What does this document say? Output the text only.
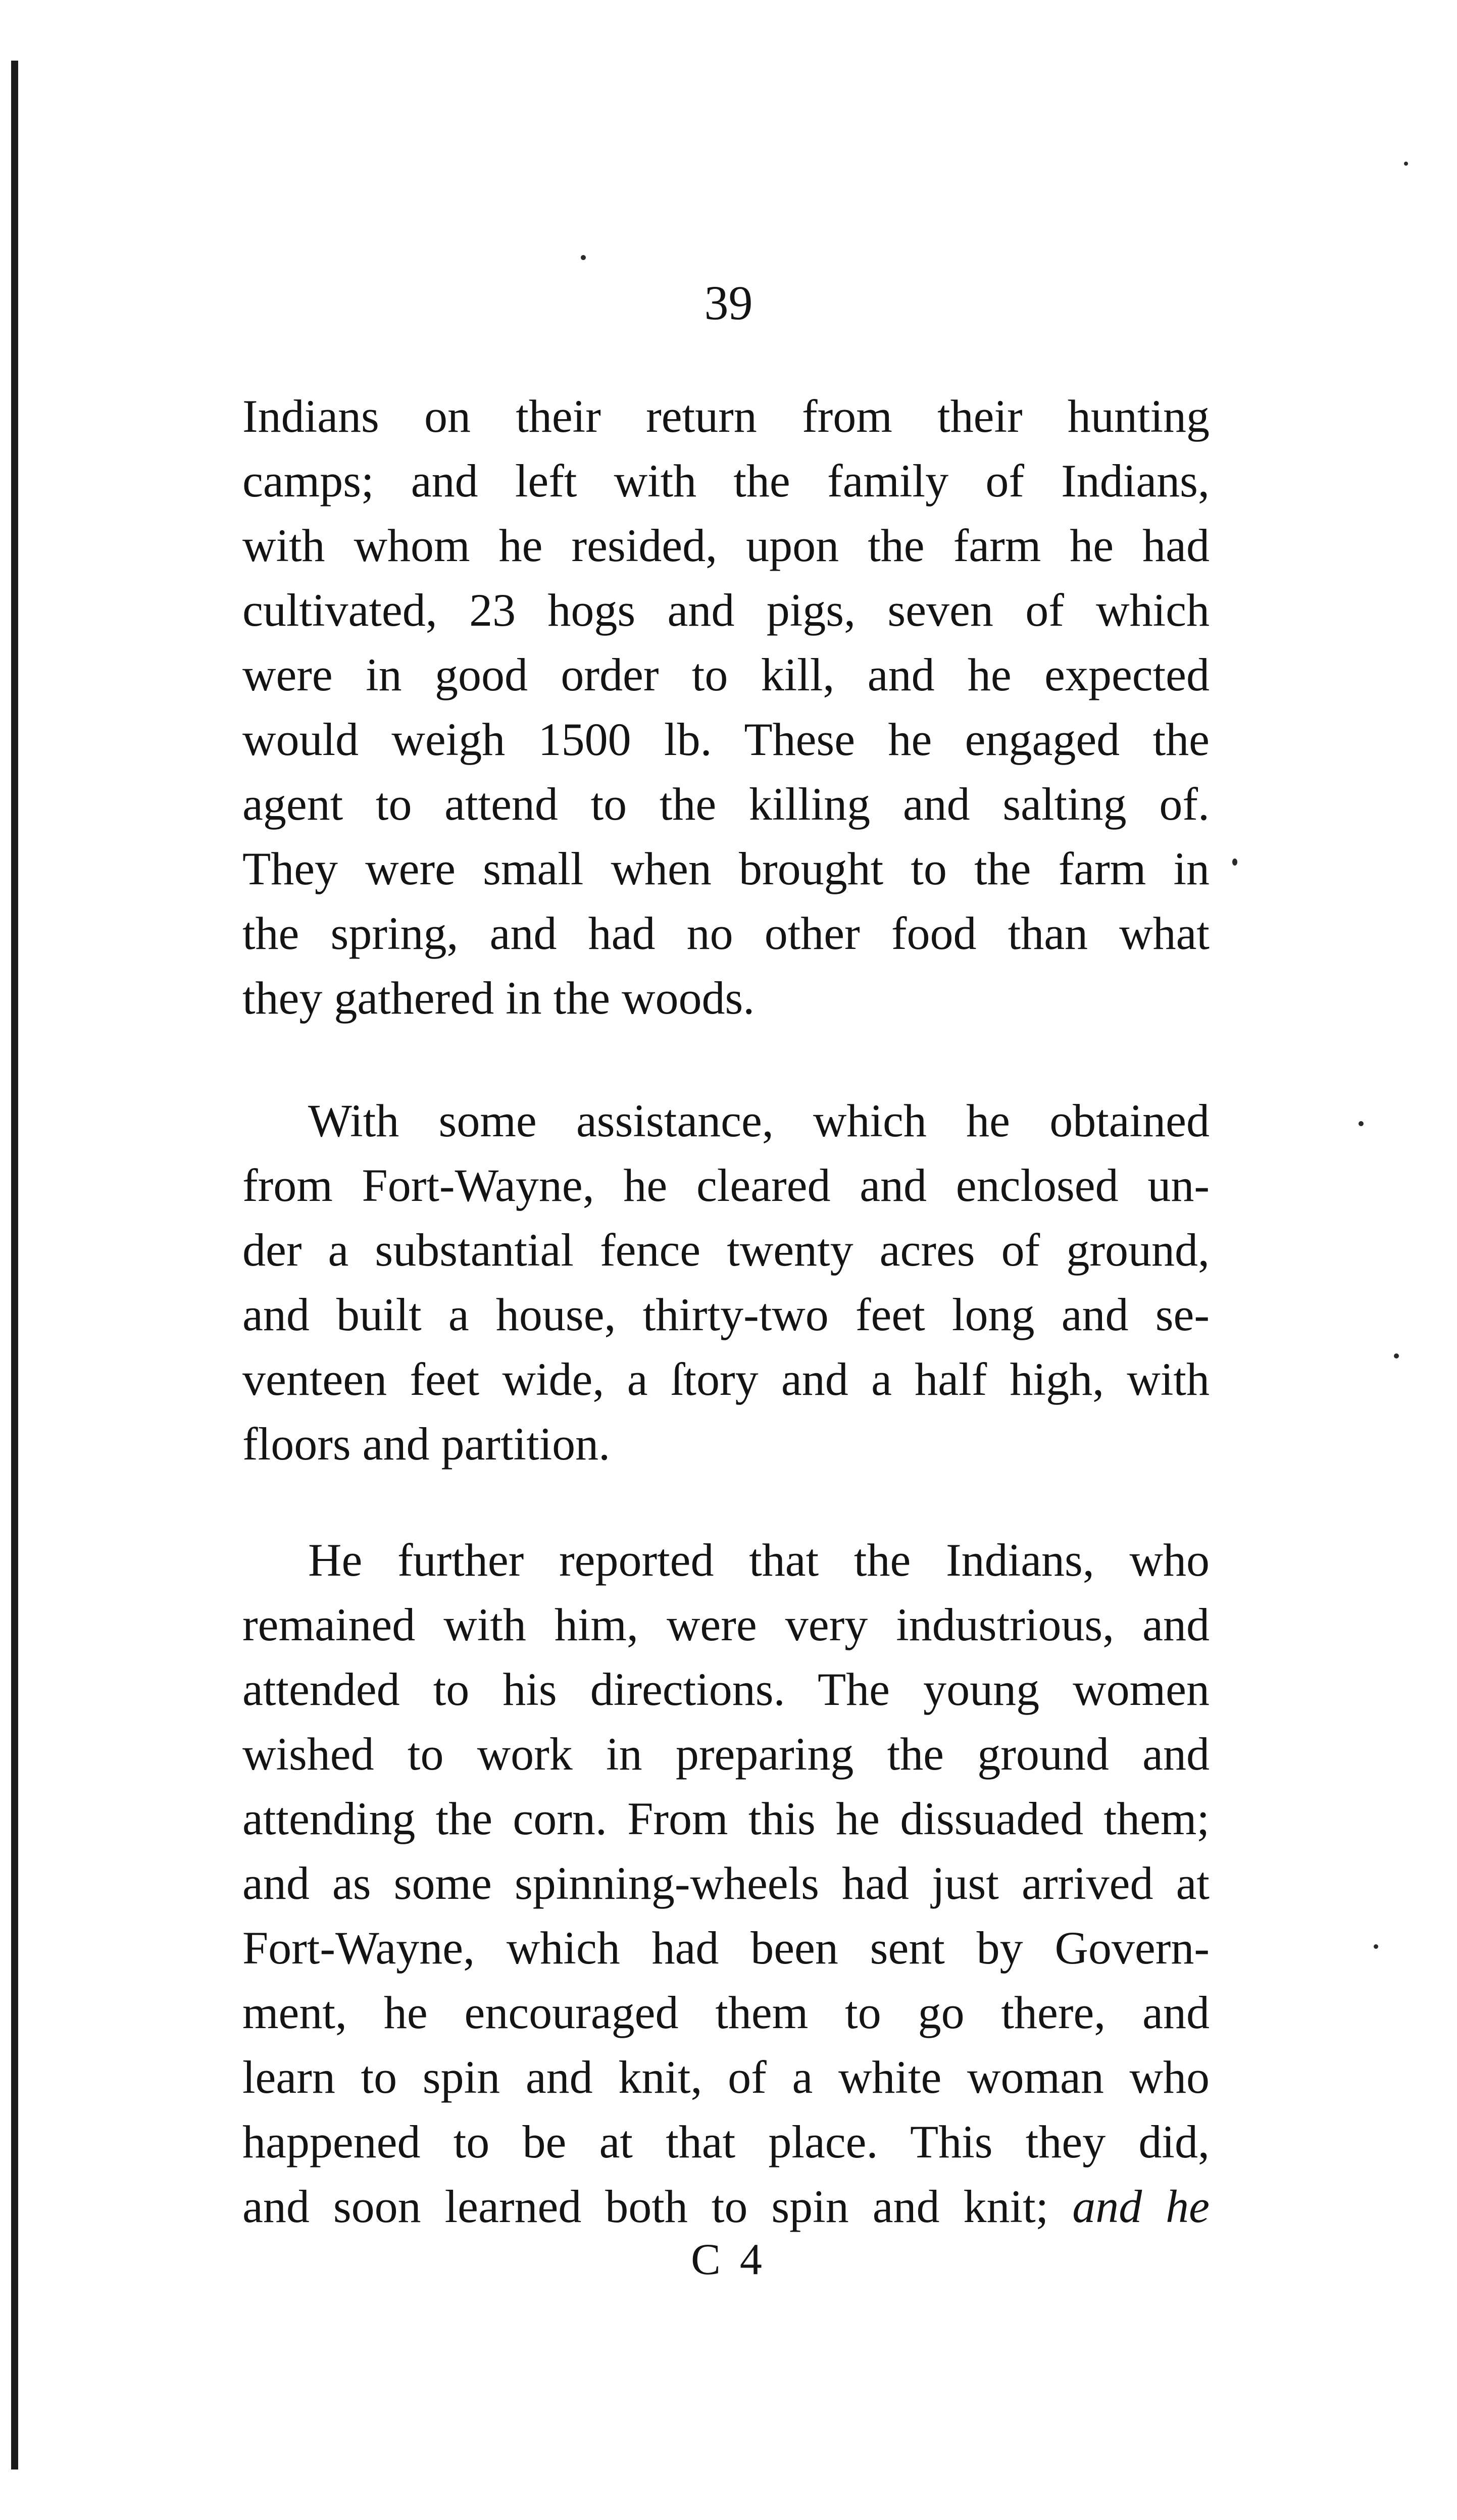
39
Indians on their return from their hunting
camps; and left with the family of Indians,
with whom he resided, upon the farm he had
cultivated, 23 hogs and pigs, seven of which
were in good order to kill, and he expected
would weigh 1500 lb. These he engaged the
agent to attend to the killing and salting of.
They were small when brought to the farm in
the spring, and had no other food than what
they gathered in the woods.
With some assistance, which he obtained
from Fort-Wayne, he cleared and enclosed un-
der a substantial fence twenty acres of ground,
and built a house, thirty-two feet long and se-
venteen feet wide, a ſtory and a half high, with
floors and partition.
He further reported that the Indians, who
remained with him, were very industrious, and
attended to his directions. The young women
wished to work in preparing the ground and
attending the corn. From this he dissuaded them;
and as some spinning-wheels had just arrived at
Fort-Wayne, which had been sent by Govern-
ment, he encouraged them to go there, and
learn to spin and knit, of a white woman who
happened to be at that place. This they did,
and soon learned both to spin and knit; and he
C 4
